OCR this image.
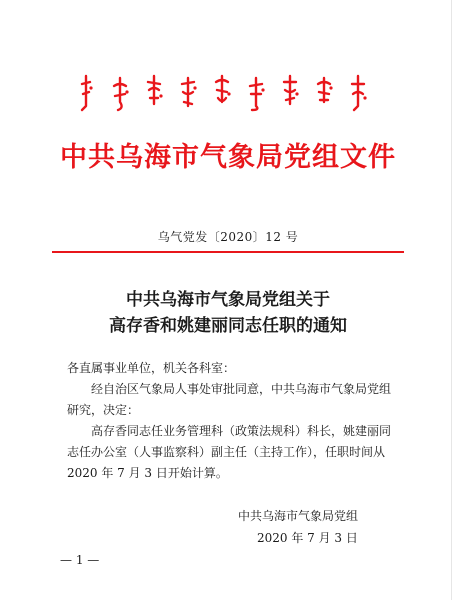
中共乌海市气象局党组文件
乌气党发〔2020〕12 号
中共乌海市气象局党组关于
高存香和姚建丽同志任职的通知

各直属事业单位，机关各科室：

经自治区气象局人事处审批同意，中共乌海市气象局党组研究，决定：

高存香同志任业务管理科（政策法规科）科长，姚建丽同志任办公室（人事监察科）副主任（主持工作），任职时间从2020 年 7 月 3 日开始计算。

中共乌海市气象局党组
2020 年 7 月 3 日
— 1 —
